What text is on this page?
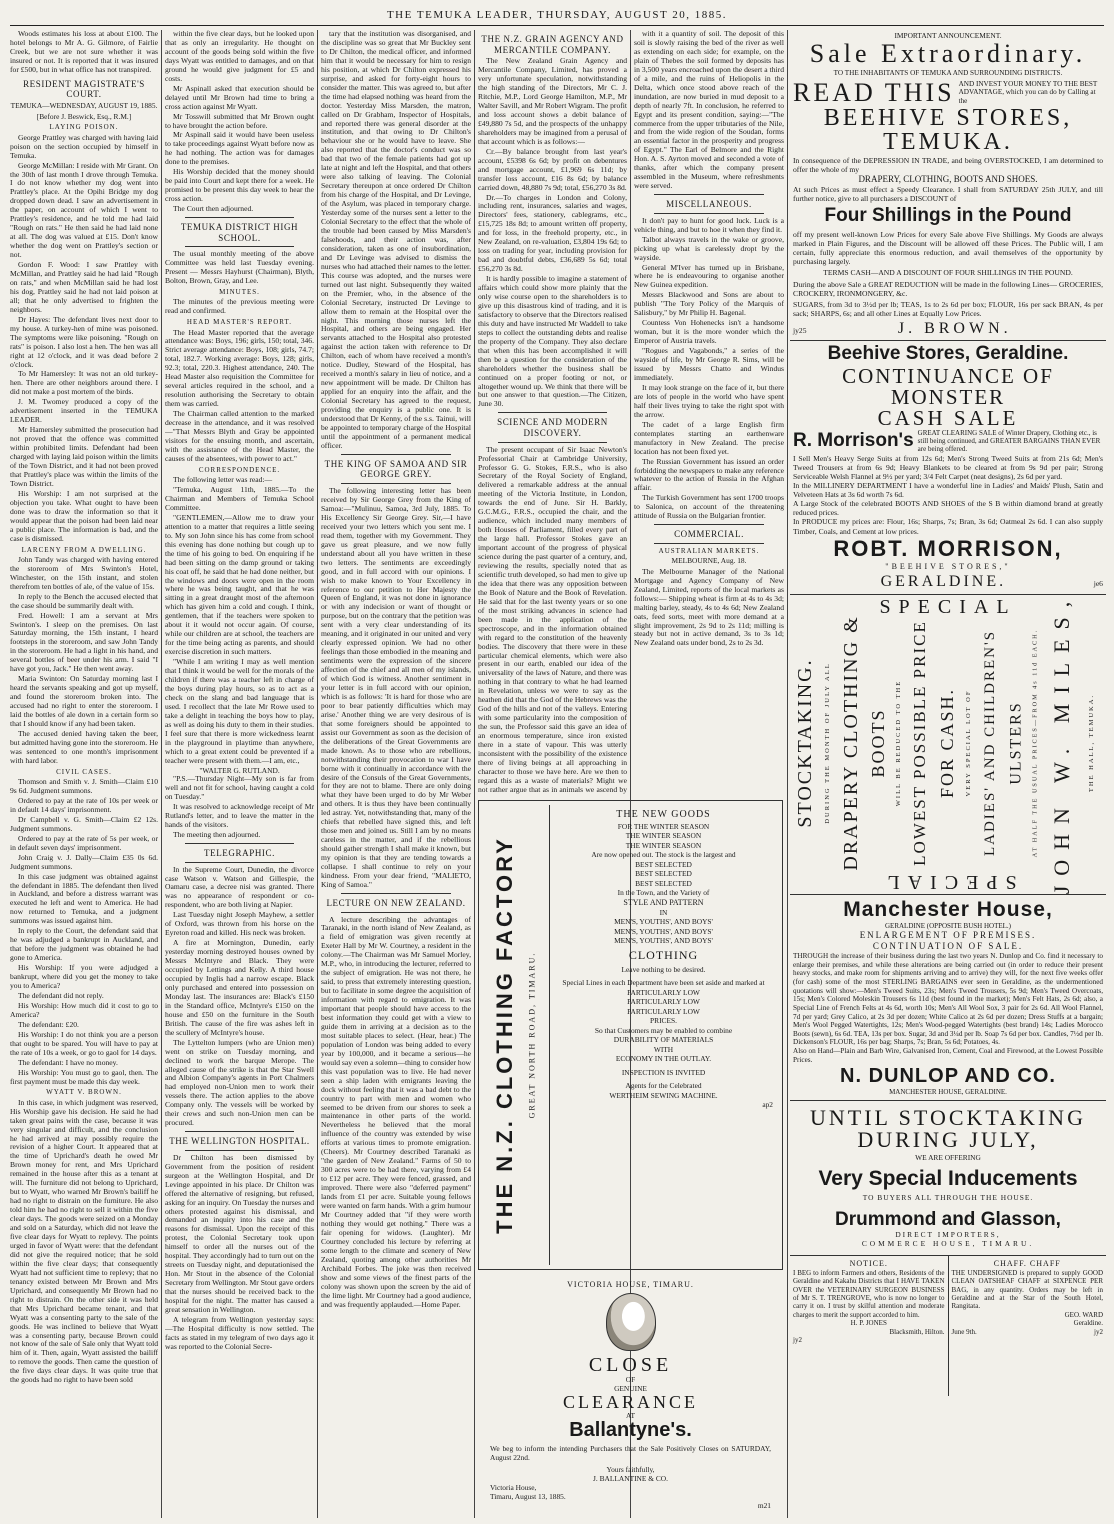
THE TEMUKA LEADER, THURSDAY, AUGUST 20, 1885.

Woods estimates his loss at about £100. The hotel belongs to Mr A. G. Gilmore, of Fairlie Creek, but we are not sure whether it was insured or not. It is reported that it was insured for £500, but in what office has not transpired.

RESIDENT MAGISTRATE'S COURT.
TEMUKA—WEDNESDAY, AUGUST 19, 1885.
[Before J. Beswick, Esq., R.M.]
LAYING POISON.

George Prattley was charged with having laid poison on the section occupied by himself in Temuka.

George McMillan: I reside with Mr Grant. On the 30th of last month I drove through Temuka. I do not know whether my dog went into Prattley's place. At the Opihi Bridge my dog dropped down dead. I saw an advertisement in the paper, on account of which I went to Prattley's residence, and he told me had laid "Rough on rats." He then said he had laid none at all. The dog was valued at £15. Don't know whether the dog went on Prattley's section or not.

Gordon F. Wood: I saw Prattley with McMillan, and Prattley said he had laid "Rough on rats," and when McMillan said he had lost his dog, Prattley said he had not laid poison at all; that he only advertised to frighten the neighbors.

Dr Hayes: The defendant lives next door to my house. A turkey-hen of mine was poisoned. The symptoms were like poisoning. "Rough on rats" is poison. I also lost a hen. The hen was all right at 12 o'clock, and it was dead before 2 o'clock.

To Mr Hamersley: It was not an old turkey-hen. There are other neighbors around there. I did not make a post mortem of the birds.

J. M. Twomey produced a copy of the advertisement inserted in the TEMUKA LEADER.

Mr Hamersley submitted the prosecution had not proved that the offence was committed within prohibited limits. Defendant had been charged with laying laid poison within the limits of the Town District, and it had not been proved that Prattley's place was within the limits of the Town District.

His Worship: I am not surprised at the objection you take. What ought to have been done was to draw the information so that it would appear that the poison had been laid near a public place. The information is bad, and the case is dismissed.

LARCENY FROM A DWELLING.

John Tandy was charged with having entered the storeroom of Mrs Swinton's Hotel, Winchester, on the 15th instant, and stolen therefrom ten bottles of ale, of the value of 15s.

In reply to the Bench the accused elected that the case should be summarily dealt with.

Fred. Howell: I am a servant at Mrs Swinton's. I sleep on the premises. On last Saturday morning, the 15th instant, I heard footsteps in the storeroom, and saw John Tandy in the storeroom. He had a light in his hand, and several bottles of beer under his arm. I said "I have got you, Jack." He then went away.

Maria Swinton: On Saturday morning last I heard the servants speaking and got up myself, and found the storeroom broken into. The accused had no right to enter the storeroom. I laid the bottles of ale down in a certain form so that I should know if any had been taken.

The accused denied having taken the beer, but admitted having gone into the storeroom. He was sentenced to one month's imprisonment with hard labor.

CIVIL CASES.

Thomson and Smith v. J. Smith—Claim £10 9s 6d. Judgment summons.

Ordered to pay at the rate of 10s per week or in default 14 days' imprisonment.

Dr Campbell v. G. Smith—Claim £2 12s. Judgment summons.

Ordered to pay at the rate of 5s per week, or in default seven days' imprisonment.

John Craig v. J. Dally—Claim £35 0s 6d. Judgment summons.

In this case judgment was obtained against the defendant in 1885. The defendant then lived in Auckland, and before a distress warrant was executed he left and went to America. He had now returned to Temuka, and a judgment summons was issued against him.

In reply to the Court, the defendant said that he was adjudged a bankrupt in Auckland, and that before the judgment was obtained he had gone to America.

His Worship: If you were adjudged a bankrupt, where did you get the money to take you to America?

The defendant did not reply.

His Worship: How much did it cost to go to America?

The defendant: £20.

His Worship: I do not think you are a person that ought to be spared. You will have to pay at the rate of 10s a week, or go to gaol for 14 days.

The defendant: I have no money.

His Worship: You must go to gaol, then. The first payment must be made this day week.

WYATT V. BROWN.

In this case, in which judgment was reserved, His Worship gave his decision. He said he had taken great pains with the case, because it was very singular and difficult, and the conclusion he had arrived at may possibly require the revision of a higher Court. It appeared that at the time of Uprichard's death he owed Mr Brown money for rent, and Mrs Uprichard remained in the house after this as a tenant at will. The furniture did not belong to Uprichard, but to Wyatt, who warned Mr Brown's bailiff he had no right to distrain on the furniture. He also told him he had no right to sell it within the five clear days. The goods were seized on a Monday and sold on a Saturday, which did not leave the five clear days for Wyatt to replevy. The points urged in favor of Wyatt were: that the defendant did not give the required notice; that he sold within the five clear days; that consequently Wyatt had not sufficient time to replevy; that no tenancy existed between Mr Brown and Mrs Uprichard, and consequently Mr Brown had no right to distrain. On the other side it was held that Mrs Uprichard became tenant, and that Wyatt was a consenting party to the sale of the goods. He was inclined to believe that Wyatt was a consenting party, because Brown could not know of the sale of Sale only that Wyatt told him of it. Then, again, Wyatt assisted the bailiff to remove the goods. Then came the question of the five days clear days. It was quite true that the goods had no right to have been sold

within the five clear days, but he looked upon that as only an irregularity. He thought on account of the goods being sold within the five days Wyatt was entitled to damages, and on that ground he would give judgment for £5 and costs.

Mr Aspinall asked that execution should be delayed until Mr Brown had time to bring a cross action against Mr Wyatt.

Mr Tosswill submitted that Mr Brown ought to have brought the action before.

Mr Aspinall said it would have been useless to take proceedings against Wyatt before now as he had nothing. The action was for damages done to the premises.

His Worship decided that the money should be paid into Court and kept there for a week. He promised to be present this day week to hear the cross action.

The Court then adjourned.

TEMUKA DISTRICT HIGH SCHOOL.

The usual monthly meeting of the above Committee was held last Tuesday evening. Present — Messrs Hayhurst (Chairman), Blyth, Bolton, Brown, Gray, and Lee.

MINUTES.

The minutes of the previous meeting were read and confirmed.

HEAD MASTER'S REPORT.

The Head Master reported that the average attendance was: Boys, 196; girls, 150; total, 346. Strict average attendance: Boys, 108; girls, 74.7; total, 182.7. Working average: Boys, 128; girls, 92.3; total, 220.3. Highest attendance, 240. The Head Master also requisition the Committee for several articles required in the school, and a resolution authorising the Secretary to obtain them was carried.

The Chairman called attention to the marked decrease in the attendance, and it was resolved—"That Messrs Blyth and Gray be appointed visitors for the ensuing month, and ascertain, with the assistance of the Head Master, the causes of the absentees, with power to act."

CORRESPONDENCE.

The following letter was read:—

"Temuka, August 11th, 1885.—To the Chairman and Members of Temuka School Committee.

"GENTLEMEN,—Allow me to draw your attention to a matter that requires a little seeing to. My son John since his has come from school this evening has done nothing but cough up to the time of his going to bed. On enquiring if he had been sitting on the damp ground or taking his coat off, he said that he had done neither, but the windows and doors were open in the room where he was being taught, and that he was sitting in a great draught most of the afternoon which has given him a cold and cough. I think, gentlemen, that if the teachers were spoken to about it it would not occur again. Of course, while our children are at school, the teachers are for the time being acting as parents, and should exercise discretion in such matters.

"While I am writing I may as well mention that I think it would be well for the morals of the children if there was a teacher left in charge of the boys during play hours, so as to act as a check on the slang and bad language that is used. I recollect that the late Mr Rowe used to take a delight in teaching the boys how to play, as well as doing his duty to them in their studies. I feel sure that there is more wickedness learnt in the playground in playtime than anywhere, which to a great extent could be prevented if a teacher were present with them.—I am, etc.,

"WALTER G. RUTLAND.

"P.S.—Thursday Night—My son is far from well and not fit for school, having caught a cold on Tuesday."

It was resolved to acknowledge receipt of Mr Rutland's letter, and to leave the matter in the hands of the visitors.

The meeting then adjourned.

TELEGRAPHIC.

In the Supreme Court, Dunedin, the divorce case Watson v. Watson and Gillespie, the Oamaru case, a decree nisi was granted. There was no appearance of respondent or co-respondent, who are both living at Napier.

Last Tuesday night Joseph Mayhew, a settler of Oxford, was thrown from his horse on the Eyreton road and killed. His neck was broken.

A fire at Mornington, Dunedin, early yesterday morning destroyed houses owned by Messrs McIntyre and Black. They were occupied by Lettings and Kelly. A third house occupied by Inglis had a narrow escape. Black only purchased and entered into possession on Monday last. The insurances are: Black's £150 in the Standard office, McIntyre's £150 on the house and £50 on the furniture in the South British. The cause of the fire was ashes left in the scullery of McIntyre's house.

The Lyttelton lumpers (who are Union men) went on strike on Tuesday morning, and declined to work the barque Merope. The alleged cause of the strike is that the Star Swell and Albion Company's agents in Port Chalmers had employed non-Union men to work their vessels there. The action applies to the above Company only. The vessels will be worked by their crews and such non-Union men can be procured.

THE WELLINGTON HOSPITAL.

Dr Chilton has been dismissed by Government from the position of resident surgeon at the Wellington Hospital, and Dr Levinge appointed in his place. Dr Chilton was offered the alternative of resigning, but refused, asking for an inquiry. On Tuesday the nurses and others protested against his dismissal, and demanded an inquiry into his case and the reasons for dismissal. Upon the receipt of this protest, the Colonial Secretary took upon himself to order all the nurses out of the hospital. They accordingly had to turn out on the streets on Tuesday night, and deputationised the Hon. Mr Stout in the absence of the Colonial Secretary from Wellington. Mr Stout gave orders that the nurses should be received back to the hospital for the night. The matter has caused a great sensation in Wellington.

A telegram from Wellington yesterday says:—The Hospital difficulty is now settled. The facts as stated in my telegram of two days ago it was reported to the Colonial Secre-

tary that the institution was disorganised, and the discipline was so great that Mr Buckley sent to Dr Chilton, the medical officer, and informed him that it would be necessary for him to resign his position, at which Dr Chilton expressed his surprise, and asked for forty-eight hours to consider the matter. This was agreed to, but after the time had elapsed nothing was heard from the doctor. Yesterday Miss Marsden, the matron, called on Dr Grabham, Inspector of Hospitals, and reported there was general disorder at the institution, and that owing to Dr Chilton's behaviour she or he would have to leave. She also reported that the doctor's conduct was so bad that two of the female patients had got up late at night and left the Hospital, and that others were also talking of leaving. The Colonial Secretary thereupon at once ordered Dr Chilton from his charge of the Hospital, and Dr Levinge, of the Asylum, was placed in temporary charge. Yesterday some of the nurses sent a letter to the Colonial Secretary to the effect that the whole of the trouble had been caused by Miss Marsden's falsehoods, and their action was, after consideration, taken as one of insubordination, and Dr Levinge was advised to dismiss the nurses who had attached their names to the letter. This course was adopted, and the nurses were turned out last night. Subsequently they waited on the Premier, who, in the absence of the Colonial Secretary, instructed Dr Levinge to allow them to remain at the Hospital over the night. This morning those nurses left the Hospital, and others are being engaged. Her servants attached to the Hospital also protested against the action taken with reference to Dr Chilton, each of whom have received a month's notice. Dudley, Steward of the Hospital, has received a month's salary in lieu of notice, and a new appointment will be made. Dr Chilton has applied for an enquiry into the affair, and the Colonial Secretary has agreed to the request, providing the enquiry is a public one. It is understood that Dr Kenny, of the s.s. Tainui, will be appointed to temporary charge of the Hospital until the appointment of a permanent medical officer.

THE KING OF SAMOA AND SIR GEORGE GREY.

The following interesting letter has been received by Sir George Grey from the King of Samoa:—"Mulinuu, Samoa, 3rd July, 1885. To His Excellency Sir George Grey. Sir,—I have received your two letters which you sent me. I read them, together with my Government. They gave us great pleasure, and we now fully understand about all you have written in these two letters. The sentiments are exceedingly good, and in full accord with our opinions. I wish to make known to Your Excellency in reference to our petition to Her Majesty the Queen of England, it was not done in ignorance or with any indecision or want of thought or purpose, but on the contrary that the petition was sent with a very clear understanding of its meaning, and it originated in our united and very clearly expressed opinion. We had no other feelings than those embodied in the meaning and sentiments were the expression of the sincere affection of the chief and all men of my islands, of which God is witness. Another sentiment in your letter is in full accord with our opinion, which is as follows: 'It is hard for those who are poor to bear patiently difficulties which may arise.' Another thing we are very desirous of is that some foreigners should be appointed to assist our Government as soon as the decision of the deliberations of the Great Governments are made known. As to those who are rebellious, notwithstanding their provocation to war I have borne with it continually in accordance with the desire of the Consuls of the Great Governments, for they are not to blame. There are only doing what they have been urged to do by Mr Weber and others. It is thus they have been continually led astray. Yet, notwithstanding that, many of the chiefs that rebelled have signed this, and left those men and joined us. Still I am by no means careless in the matter, and if the rebellious should gather strength I shall make it known, but my opinion is that they are tending towards a collapse. I shall continue to rely on your kindness. From your dear friend, "MALIETO, King of Samoa."

LECTURE ON NEW ZEALAND.

A lecture describing the advantages of Taranaki, in the north island of New Zealand, as a field of emigration was given recently at Exeter Hall by Mr W. Courtney, a resident in the colony.—The Chairman was Mr Samuel Morley, M.P., who, in introducing the lecturer, referred to the subject of emigration. He was not there, he said, to press that extremely interesting question, but to facilitate in some degree the acquisition of information with regard to emigration. It was important that people should have access to the best information they could get with a view to guide them in arriving at a decision as to the most suitable places to select. (Hear, hear.) The population of London was being added to every year by 100,000, and it became a serious—he would say even a solemn—thing to consider how this vast population was to live. He had never seen a ship laden with emigrants leaving the dock without feeling that it was a bad debt to the country to part with men and women who seemed to be driven from our shores to seek a maintenance in other parts of the world. Nevertheless he believed that the moral influence of the country was extended by wise efforts at various times to promote emigration. (Cheers). Mr Courtney described Taranaki as "the garden of New Zealand." Farms of 50 to 300 acres were to be had there, varying from £4 to £12 per acre. They were fenced, grassed, and improved. There were also "deferred payment" lands from £1 per acre. Suitable young fellows were wanted on farm hands. With a grim humour Mr Courtney added that "if they were worth nothing they would get nothing." There was a fair opening for widows. (Laughter). Mr Courtney concluded his lecture by referring at some length to the climate and scenery of New Zealand, quoting among other authorities Mr Archibald Forbes. The joke was then received show and some views of the finest parts of the colony was shown upon the screen by the aid of the lime light. Mr Courtney had a good audience, and was frequently applauded.—Home Paper.

THE N.Z. GRAIN AGENCY AND MERCANTILE COMPANY.

The New Zealand Grain Agency and Mercantile Company, Limited, has proved a very unfortunate speculation, notwithstanding the high standing of the Directors, Mr C. J. Ritchie, M.P., Lord George Hamilton, M.P., Mr Walter Savill, and Mr Robert Wigram. The profit and loss account shows a debit balance of £49,880 7s 5d, and the prospects of the unhappy shareholders may be imagined from a perusal of that account which is as follows:—

Cr.—By balance brought from last year's account, £5398 6s 6d; by profit on debentures and mortgage account, £1,969 6s 11d; by transfer loss account, £16 8s 6d; by balance carried down, 48,880 7s 9d; total, £56,270 3s 8d.

Dr.—To charges in London and Colony, including rent, insurances, salaries and wages, Directors' fees, stationery, cablegrams, etc., £15,725 18s 8d; to amount written off property, and for loss, in the freehold property, etc., in New Zealand, on re-valuation, £3,804 19s 6d; to loss on trading for year, including provision for bad and doubtful debts, £36,689 5s 6d; total £56,270 3s 8d.

It is hardly possible to imagine a statement of affairs which could show more plainly that the only wise course open to the shareholders is to give up this disastrous kind of trading, and it is satisfactory to observe that the Directors realised this duty and have instructed Mr Waddell to take steps to collect the outstanding debts and realise the property of the Company. They also declare that when this has been accomplished it will then be a question for the consideration of the shareholders whether the business shall be continued on a proper footing or not, or altogether wound up. We think that there will be but one answer to that question.—The Citizen, June 30.

SCIENCE AND MODERN DISCOVERY.

The present occupant of Sir Isaac Newton's Professorial Chair at Cambridge University, Professor G. G. Stokes, F.R.S., who is also Secretary of the Royal Society of England, delivered a remarkable address at the annual meeting of the Victoria Institute, in London, towards the end of June. Sir H. Barkly, G.C.M.G., F.R.S., occupied the chair, and the audience, which included many members of both Houses of Parliament, filled every part of the large hall. Professor Stokes gave an important account of the progress of physical science during the past quarter of a century, and, reviewing the results, specially noted that as scientific truth developed, so had men to give up the idea that there was any opposition between the Book of Nature and the Book of Revelation. He said that for the last twenty years or so one of the most striking advances in science had been made in the application of the spectroscope, and in the information obtained with regard to the constitution of the heavenly bodies. The discovery that there were in these particular chemical elements, which were also present in our earth, enabled our idea of the universality of the laws of Nature, and there was nothing in that contrary to what he had learned in Revelation, unless we were to say as the heathen did that the God of the Hebrews was the God of the hills and not of the valleys. Entering with some particularity into the composition of the sun, the Professor said this gave an idea of an enormous temperature, since iron existed there in a state of vapour. This was utterly inconsistent with the possibility of the existence there of living beings at all approaching in character to those we have here. Are we then to regard this as a waste of materials? Might we not rather argue that as in animals we ascend by

with it a quantity of soil. The deposit of this soil is slowly raising the bed of the river as well as extending on each side; for example, on the plain of Thebes the soil formed by deposits has in 3,500 years encroached upon the desert a third of a mile, and the ruins of Heliopolis in the Delta, which once stood above reach of the inundation, are now buried in mud deposit to a depth of nearly 7ft. In conclusion, he referred to Egypt and its present condition, saying:—"The commerce from the upper tributaries of the Nile, and from the wide region of the Soudan, forms an essential factor in the prosperity and progress of Egypt." The Earl of Belmore and the Right Hon. A. S. Ayrton moved and seconded a vote of thanks, after which the company present assembled in the Museum, where refreshments were served.

MISCELLANEOUS.

It don't pay to hunt for good luck. Luck is a vehicle thing, and but to hoe it when they find it.

Talbot always travels in the wake or groove, picking up what is carelessly dropt by the wayside.

General M'Iver has turned up in Brisbane, where he is endeavouring to organise another New Guinea expedition.

Messrs Blackwood and Sons are about to publish "The Tory Policy of the Marquis of Salisbury," by Mr Philip H. Bagenal.

Countess Von Hohenecks isn't a handsome woman, but it is the more wonder which the Emperor of Austria travels.

"Rogues and Vagabonds," a series of the wayside of life, by Mr George R. Sims, will be issued by Messrs Chatto and Windus immediately.

It may look strange on the face of it, but there are lots of people in the world who have spent half their lives trying to take the right spot with the arrow.

The cadet of a large English firm contemplates starting an earthenware manufactory in New Zealand. The precise location has not been fixed yet.

The Russian Government has issued an order forbidding the newspapers to make any reference whatever to the action of Russia in the Afghan affair.

The Turkish Government has sent 1700 troops to Salonica, on account of the threatening attitude of Russia on the Bulgarian frontier.

COMMERCIAL.
AUSTRALIAN MARKETS.
MELBOURNE, Aug. 18.

The Melbourne Manager of the National Mortgage and Agency Company of New Zealand, Limited, reports of the local markets as follows:— Shipping wheat is firm at 4s to 4s 3d; malting barley, steady, 4s to 4s 6d; New Zealand oats, feed sorts, meet with more demand at a slight improvement, 2s 9d to 2s 11d; milling is steady but not in active demand, 3s to 3s 1d; New Zealand oats under bond, 2s to 2s 3d.

THE N.Z. CLOTHING FACTORY GREAT NORTH ROAD, TIMARU.
THE NEW GOODS
FOR THE WINTER SEASON
THE WINTER SEASON
THE WINTER SEASON
Are now opened out. The stock is the largest and
BEST SELECTED
BEST SELECTED
BEST SELECTED
In the Town, and the Variety of
STYLE AND PATTERN
IN
MEN'S, YOUTHS', AND BOYS'
MEN'S, YOUTHS', AND BOYS'
MEN'S, YOUTHS', AND BOYS'
CLOTHING
Leave nothing to be desired.
Special Lines in each Department have been set aside and marked at
PARTICULARLY LOW
PARTICULARLY LOW
PARTICULARLY LOW
PRICES.
So that Customers may be enabled to combine
DURABILITY OF MATERIALS
WITH
ECONOMY IN THE OUTLAY.
INSPECTION IS INVITED
Agents for the Celebrated
WERTHEIM SEWING MACHINE.
ap2
VICTORIA HOUSE, TIMARU.
CLOSE
OF
GENUINE
CLEARANCE
AT
Ballantyne's.
We beg to inform the intending Purchasers that the Sale Positively Closes on SATURDAY, August 22nd.
Yours faithfully,
J. BALLANTINE & CO.
Victoria House,
Timaru, August 13, 1885.
m21
IMPORTANT ANNOUNCEMENT.
Sale Extraordinary.
TO THE INHABITANTS OF TEMUKA AND SURROUNDING DISTRICTS.
READ THIS AND INVEST YOUR MONEY TO THE BEST ADVANTAGE, which you can do by Calling at the
BEEHIVE STORES, TEMUKA.
In consequence of the DEPRESSION IN TRADE, and being OVERSTOCKED, I am determined to offer the whole of my
DRAPERY, CLOTHING, BOOTS AND SHOES.
At such Prices as must effect a Speedy Clearance. I shall from SATURDAY 25th JULY, and till further notice, give to all purchasers a DISCOUNT of
Four Shillings in the Pound
off my present well-known Low Prices for every Sale above Five Shillings. My Goods are always marked in Plain Figures, and the Discount will be allowed off these Prices. The Public will, I am certain, fully appreciate this enormous reduction, and avail themselves of the opportunity by purchasing largely.
TERMS CASH—AND A DISCOUNT OF FOUR SHILLINGS IN THE POUND.
During the above Sale a GREAT REDUCTION will be made in the following Lines— GROCERIES, CROCKERY, IRONMONGERY, &c.
SUGARS, from 3d to 3½d per lb; TEAS, 1s to 2s 6d per box; FLOUR, 16s per sack BRAN, 4s per sack; SHARPS, 6s; and all other Lines at Equally Low Prices.
jy25	J. BROWN.
Beehive Stores, Geraldine.
CONTINUANCE OF MONSTER
CASH SALE
R. Morrison's GREAT CLEARING SALE of Winter Drapery, Clothing etc., is still being continued, and GREATER BARGAINS THAN EVER are being offered.
I Sell Men's Heavy Serge Suits at from 12s 6d; Men's Strong Tweed Suits at from 21s 6d; Men's Tweed Trousers at from 6s 9d; Heavy Blankets to be cleared at from 9s 9d per pair; Strong Serviceable Welsh Flannel at 9½ per yard; 3/4 Felt Carpet (neat designs), 2s 6d per yard.
In the MILLINERY DEPARTMENT I have a wonderful line in Ladies' and Maids' Plush, Satin and Velveteen Hats at 3s 6d worth 7s 6d.
A Large Stock of the celebrated BOOTS AND SHOES of the S B within diamond brand at greatly reduced prices.
In PRODUCE my prices are: Flour, 16s; Sharps, 7s; Bran, 3s 6d; Oatmeal 2s 6d. I can also supply Timber, Coals, and Cement at low prices.
ROBT. MORRISON,
"BEEHIVE STORES,"
GERALDINE.	je6
SPECIAL
STOCKTAKING. DURING THE MONTH OF JULY ALL DRAPERY CLOTHING & BOOTS WILL BE REDUCED TO THE LOWEST POSSIBLE PRICE FOR CASH. VERY SPECIAL LOT OF LADIES' AND CHILDREN'S ULSTERS AT HALF THE USUAL PRICES—FROM 4s 11d EACH. JOHN W. MILES, THE HALL, TEMUKA.
SPECIAL
Manchester House,
GERALDINE (OPPOSITE BUSH HOTEL.)
ENLARGEMENT OF PREMISES.
CONTINUATION OF SALE.
THROUGH the increase of their business during the last two years N. Dunlop and Co. find it necessary to enlarge their premises, and while these alterations are being carried out (in order to reduce their present heavy stocks, and make room for shipments arriving and to arrive) they will, for the next five weeks offer (for cash) some of the most STERLING BARGAINS ever seen in Geraldine, as the undermentioned quotations will show:—Men's Tweed Suits, 23s; Men's Tweed Trousers, 5s 9d; Men's Tweed Overcoats, 15s; Men's Colored Moleskin Trousers 6s 11d (best found in the market); Men's Felt Hats, 2s 6d; also, a Special Line of French Felts at 4s 6d, worth 10s; Men's All Wool Sox, 3 pair for 2s 6d. All Wool Flannel, 7d per yard; Grey Calico, at 2s 3d per dozen; White Calico at 2s 6d per dozen; Dress Stuffs at a bargain; Men's Wool Pegged Watertights, 12s; Men's Wood-pegged Watertights (best brand) 14s; Ladies Morocco Boots (sewn), 6s 6d. TEA, 13s per box. Sugar, 3d and 3¼d per lb. Soap 7s 6d per box. Candles, 7½d per lb. Dickenson's FLOUR, 16s per bag; Sharps, 7s; Bran, 5s 6d; Potatoes, 4s.
Also on Hand—Plain and Barb Wire, Galvanised Iron, Cement, Coal and Firewood, at the Lowest Possible Prices.
N. DUNLOP AND CO.
MANCHESTER HOUSE, GERALDINE.
UNTIL STOCKTAKING
DURING JULY,
WE ARE OFFERING
Very Special Inducements
TO BUYERS ALL THROUGH THE HOUSE.
Drummond and Glasson,
DIRECT IMPORTERS,
COMMERCE HOUSE, TIMARU.
NOTICE.
I BEG to inform Farmers and others, Residents of the Geraldine and Kakahu Districts that I HAVE TAKEN OVER the VETERINARY SURGEON BUSINESS of Mr S. T. TRENGROVE, who is now no longer to carry it on. I trust by skilful attention and moderate charges to merit the support accorded to him.
H. P. JONES
Blacksmith, Hilton.
jy2
CHAFF. CHAFF
THE UNDERSIGNED is prepared to supply GOOD CLEAN OATSHEAF CHAFF at SIXPENCE PER BAG, in any quantity. Orders may be left in Geraldine and at the Star of the South Hotel, Rangitata.
GEO. WARD
Geraldine.
June 9th.	jy2
